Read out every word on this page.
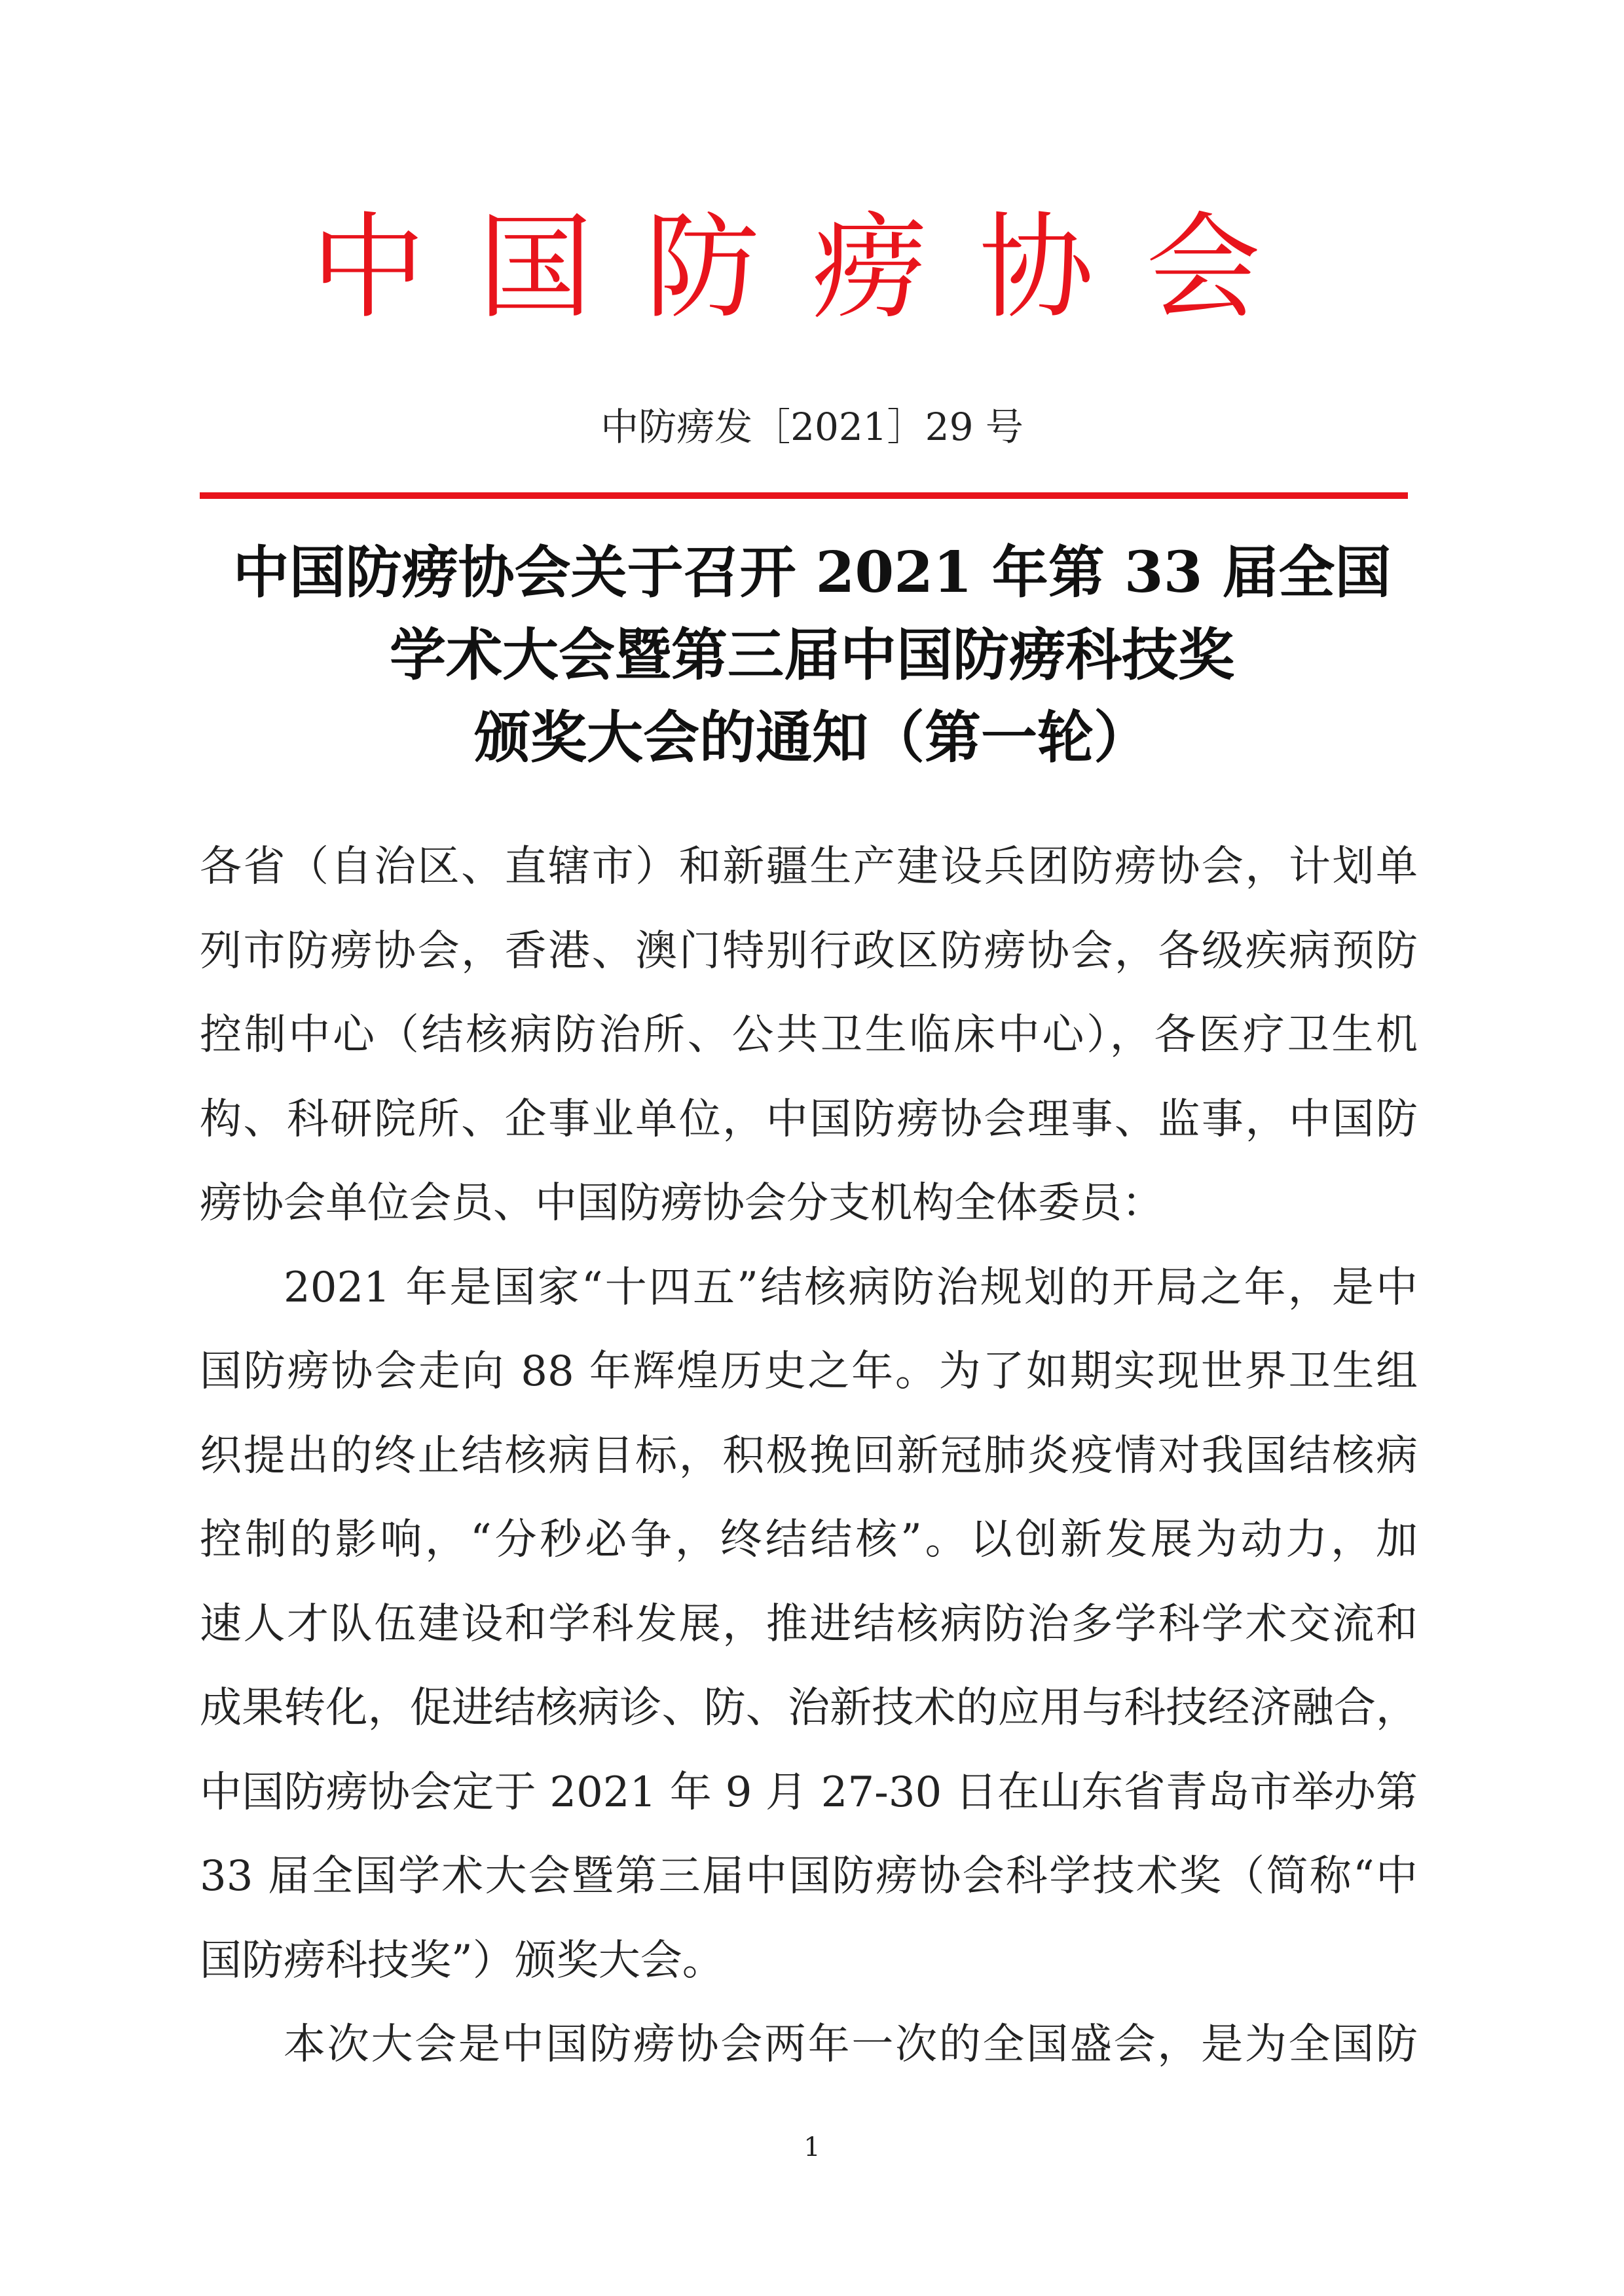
中国防痨协会
中防痨发［2021］29 号
中国防痨协会关于召开 2021 年第 33 届全国
学术大会暨第三届中国防痨科技奖
颁奖大会的通知（第一轮）
各省（自治区、直辖市）和新疆生产建设兵团防痨协会，计划单
列市防痨协会，香港、澳门特别行政区防痨协会，各级疾病预防
控制中心（结核病防治所、公共卫生临床中心），各医疗卫生机
构、科研院所、企事业单位，中国防痨协会理事、监事，中国防
痨协会单位会员、中国防痨协会分支机构全体委员：
2021 年是国家“十四五”结核病防治规划的开局之年，是中
国防痨协会走向 88 年辉煌历史之年。为了如期实现世界卫生组
织提出的终止结核病目标，积极挽回新冠肺炎疫情对我国结核病
控制的影响，“分秒必争，终结结核”。以创新发展为动力，加
速人才队伍建设和学科发展，推进结核病防治多学科学术交流和
成果转化，促进结核病诊、防、治新技术的应用与科技经济融合，
中国防痨协会定于 2021 年 9 月 27-30 日在山东省青岛市举办第
33 届全国学术大会暨第三届中国防痨协会科学技术奖（简称“中
国防痨科技奖”）颁奖大会。
本次大会是中国防痨协会两年一次的全国盛会，是为全国防
1
